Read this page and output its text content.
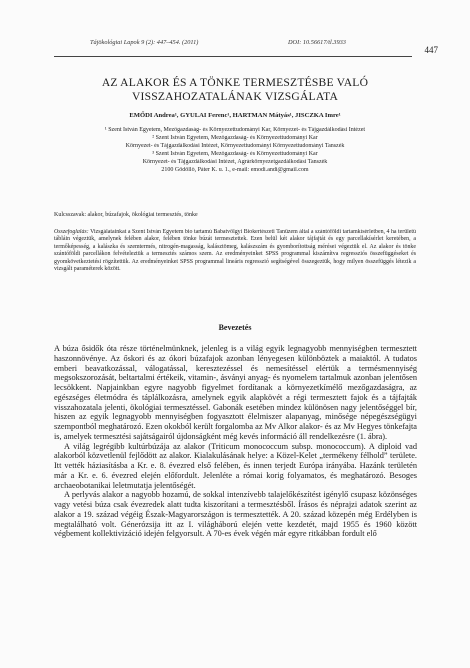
Tájökológiai Lapok 9 (2): 447–454. (2011)	DOI: 10.56617/tl.3933
447
AZ ALAKOR ÉS A TÖNKE TERMESZTÉSBE VALÓ
VISSZAHOZATALÁNAK VIZSGÁLATA
EMŐDI Andrea¹, GYULAI Ferenc¹, HARTMAN Mátyás¹, JISCZKA Imre¹
¹ Szent István Egyetem, Mezőgazdaság- és Környezettudományi Kar, Környezet- és Tájgazdálkodási Intézet
² Szent István Egyetem, Mezőgazdaság- és Környezettudományi Kar
Környezet- és Tájgazdálkodási Intézet, Környezettudományi Környezettudományi Tanszék
³ Szent István Egyetem, Mezőgazdaság- és Környezettudományi Kar
Környezet- és Tájgazdálkodási Intézet, Agrárkörnyezetgazdálkodási Tanszék
2100 Gödöllő, Páter K. u. 1., e-mail: emodi.andi@gmail.com
Kulcsszavak: alakor, búzafajok, ökológiai termesztés, tönke
Összefoglalás: Vizsgálatainkat a Szent István Egyetem bio tartamú Babatvölgyi Biokertészeti Tanüzem által a szántóföldi tartamkísérletben, 4 ha területű tábláin végeztük, amelynek felében alakor, felében tönke búzát termesztettek. Ezen belül két alakor tájfajtát és egy parcellakísérlet keretében, a termőképesség, a kalászka és szemtermés, nitrogén-magasság, kalásztömeg, kalászszám és gyomborítottság mérései végeztük el. Az alakor és tönke szántóföldi parcellákon felvételeztük a termesztés számos szem. Az eredményeinket SPSS programmal kiszámítva regressziós összefüggéseket és gyomkövetkeztetési rögzítettük. Az eredményeinket SPSS programmal lineáris regresszió segítségével összegeztük, hogy milyen összefüggés létezik a vizsgált paraméterek között.
Bevezetés

A búza ősidők óta része történelmünknek, jelenleg is a világ egyik legnagyobb mennyiségben termesztett haszonnövénye. Az őskori és az ókori búzafajok azonban lényegesen különböztek a maiaktól. A tudatos emberi beavatkozással, válogatással, keresztezéssel és nemesítéssel elértük a termésmennyiség megsokszorozását, beltartalmi értékeik, vitamin-, ásványi anyag- és nyomelem tartalmuk azonban jelentősen lecsökkent. Napjainkban egyre nagyobb figyelmet fordítanak a környezetkímélő mezőgazdaságra, az egészséges életmódra és táplálkozásra, amelynek egyik alapkövét a régi termesztett fajok és a tájfajták visszahozatala jelenti, ökológiai termesztéssel. Gabonák esetében mindez különösen nagy jelentőséggel bír, hiszen az egyik legnagyobb mennyiségben fogyasztott élelmiszer alapanyag, minősége népegészségügyi szempontból meghatározó. Ezen okokból került forgalomba az Mv Alkor alakor- és az Mv Hegyes tönkefajta is, amelyek termesztési sajátságairól újdonságként még kevés információ áll rendelkezésre (1. ábra).

A világ legrégibb kultúrbúzája az alakor (Triticum monococcum subsp. monococcum). A diploid vad alakorból közvetlenül fejlődött az alakor. Kialakulásának helye: a Közel-Kelet „termékeny félhold” területe. Itt vették háziasításba a Kr. e. 8. évezred első felében, és innen terjedt Európa irányába. Hazánk területén már a Kr. e. 6. évezred elején előfordult. Jelenléte a római korig folyamatos, és meghatározó. Besoges archaeobotanikai leletmutatja jelentőségét.

A perlyvás alakor a nagyobb hozamú, de sokkal intenzívebb talajelőkészítést igénylő csupasz közönséges vagy vetési búza csak évezredek alatt tudta kiszorítani a termesztésből. Írásos és néprajzi adatok szerint az alakor a 19. század végéig Észak-Magyarországon is termesztették. A 20. század közepén még Erdélyben is megtalálható volt. Génerózsija itt az I. világháború elején vette kezdetét, majd 1955 és 1960 között végbement kollektivizáció idején felgyorsult. A 70-es évek végén már egyre ritkábban fordult elő
